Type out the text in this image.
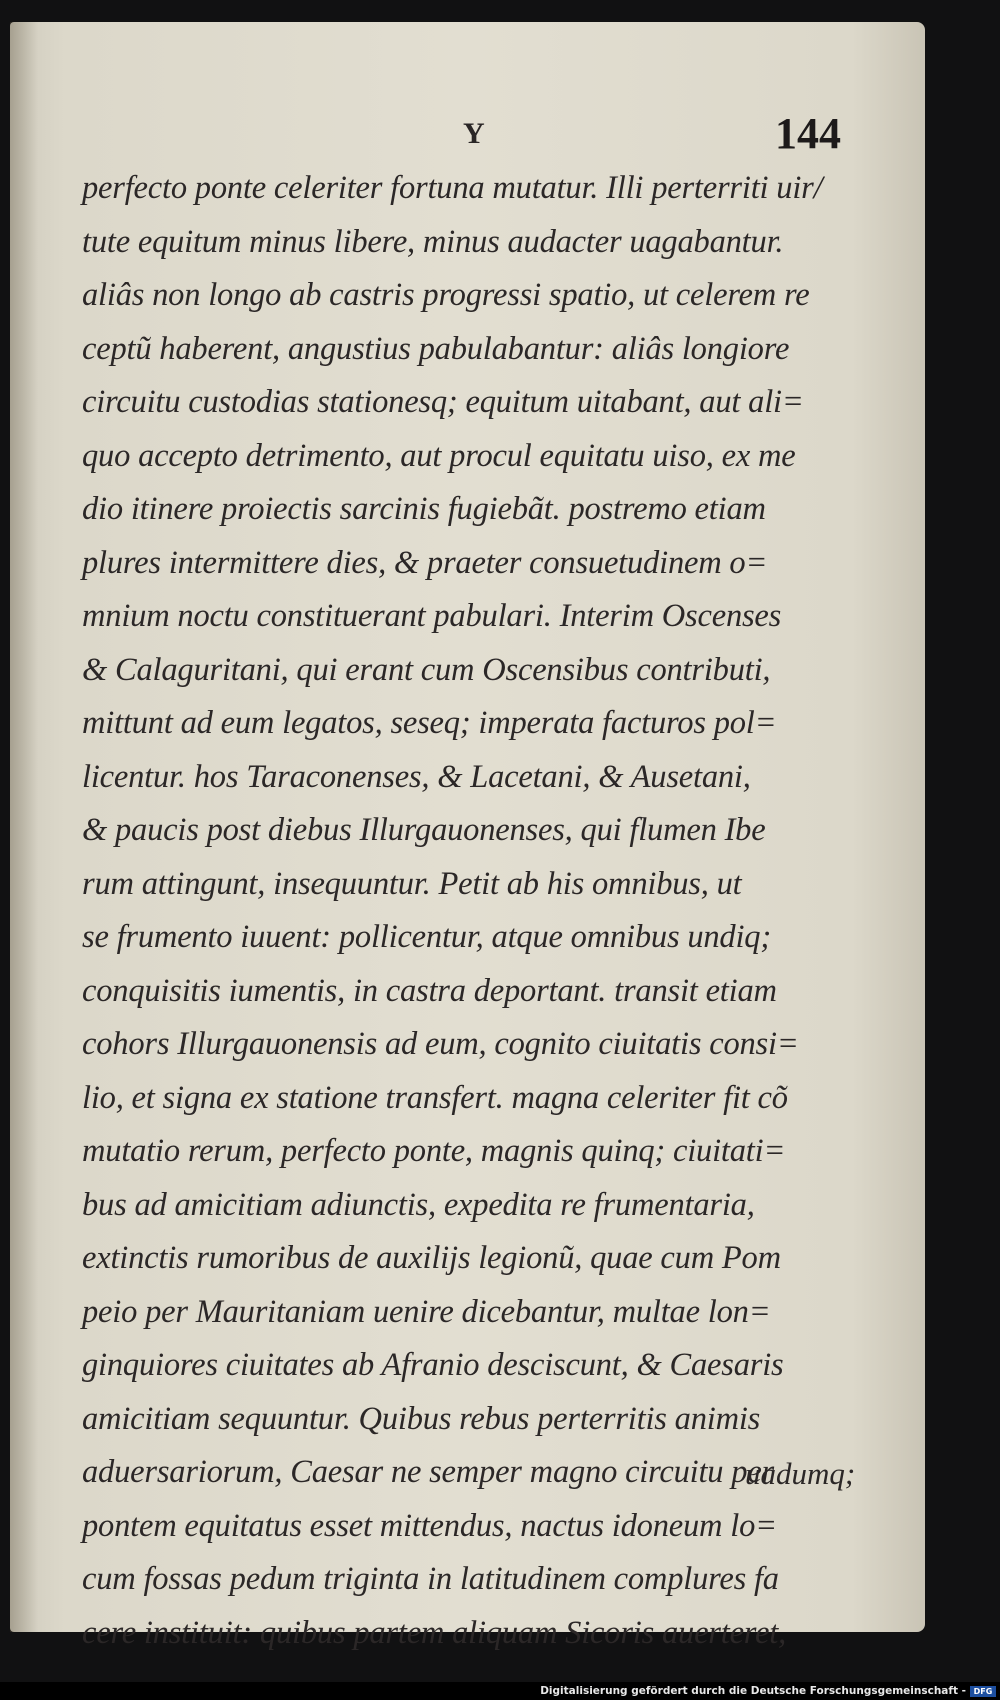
Y	144
perfecto ponte celeriter fortuna mutatur. Illi perterriti uir/
tute equitum minus libere, minus audacter uagabantur.
aliâs non longo ab castris progressi spatio, ut celerem re
ceptũ haberent, angustius pabulabantur: aliâs longiore
circuitu custodias stationesq; equitum uitabant, aut ali=
quo accepto detrimento, aut procul equitatu uiso, ex me
dio itinere proiectis sarcinis fugiebãt. postremo etiam
plures intermittere dies, & praeter consuetudinem o=
mnium noctu constituerant pabulari. Interim Oscenses
& Calaguritani, qui erant cum Oscensibus contributi,
mittunt ad eum legatos, seseq; imperata facturos pol=
licentur. hos Taraconenses, & Lacetani, & Ausetani,
& paucis post diebus Illurgauonenses, qui flumen Ibe
rum attingunt, insequuntur. Petit ab his omnibus, ut
se frumento iuuent: pollicentur, atque omnibus undiq;
conquisitis iumentis, in castra deportant. transit etiam
cohors Illurgauonensis ad eum, cognito ciuitatis consi=
lio, et signa ex statione transfert. magna celeriter fit cõ
mutatio rerum, perfecto ponte, magnis quinq; ciuitati=
bus ad amicitiam adiunctis, expedita re frumentaria,
extinctis rumoribus de auxilijs legionũ, quae cum Pom
peio per Mauritaniam uenire dicebantur, multae lon=
ginquiores ciuitates ab Afranio desciscunt, & Caesaris
amicitiam sequuntur. Quibus rebus perterritis animis
aduersariorum, Caesar ne semper magno circuitu per
pontem equitatus esset mittendus, nactus idoneum lo=
cum fossas pedum triginta in latitudinem complures fa
cere instituit: quibus partem aliquam Sicoris auerteret,
uadumq;
Digitalisierung gefördert durch die Deutsche Forschungsgemeinschaft - DFG
